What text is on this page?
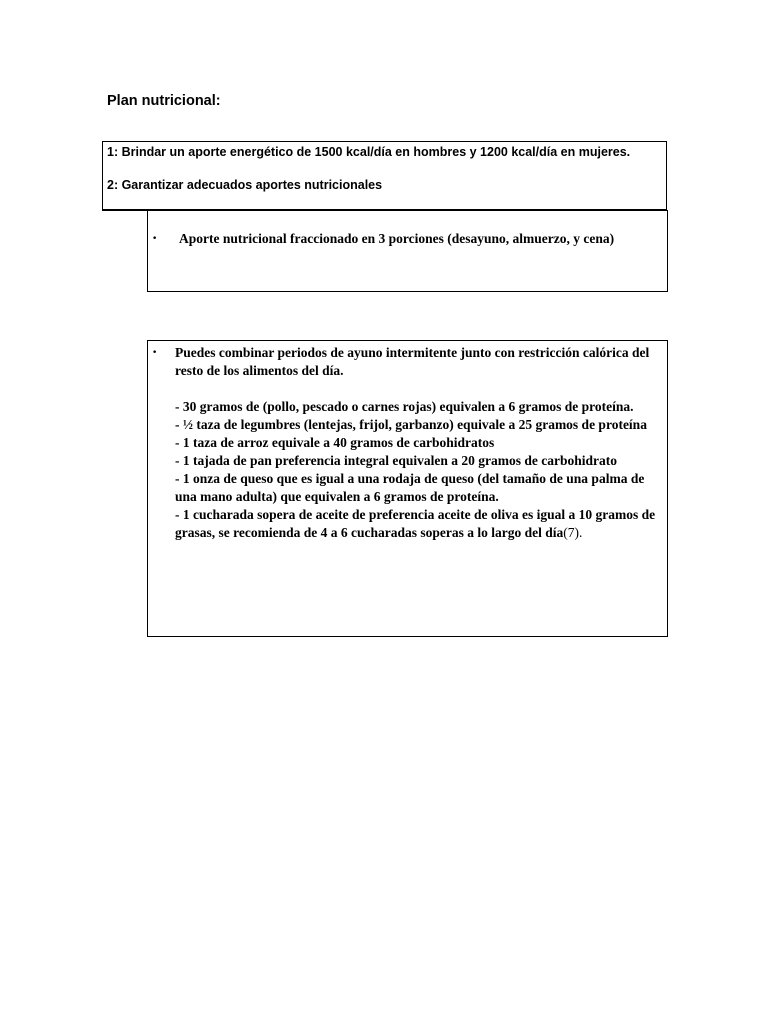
Plan nutricional:

1: Brindar un aporte energético de 1500 kcal/día en hombres y 1200 kcal/día en mujeres.

2: Garantizar adecuados aportes nutricionales

• Aporte nutricional fraccionado en 3 porciones (desayuno, almuerzo, y cena)

• Puedes combinar periodos de ayuno intermitente junto con restricción calórica del resto de los alimentos del día.

- 30 gramos de (pollo, pescado o carnes rojas) equivalen a 6 gramos de proteína.
- ½ taza de legumbres (lentejas, frijol, garbanzo) equivale a 25 gramos de proteína
- 1 taza de arroz equivale a 40 gramos de carbohidratos
- 1 tajada de pan preferencia integral equivalen a 20 gramos de carbohidrato
- 1 onza de queso que es igual a una rodaja de queso (del tamaño de una palma de una mano adulta) que equivalen a 6 gramos de proteína.
- 1 cucharada sopera de aceite de preferencia aceite de oliva es igual a 10 gramos de grasas, se recomienda de 4 a 6 cucharadas soperas a lo largo del día(7).
